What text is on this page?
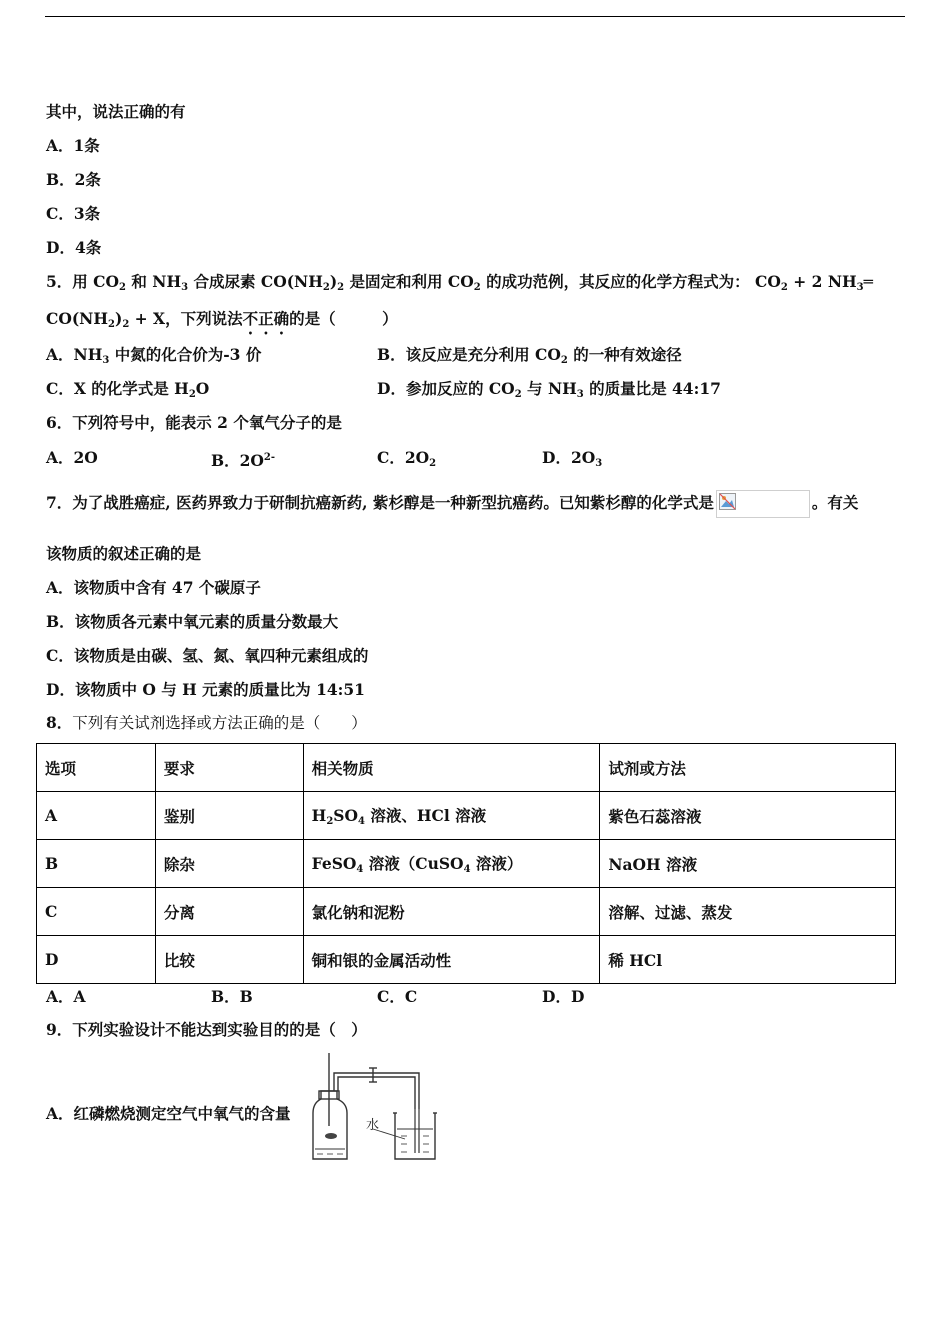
其中，说法正确的有
A．1条
B．2条
C．3条
D．4条
5．用 $CO_2$ 和 $NH_3$ 合成尿素 $CO(NH_2)_2$ 是固定和利用 $CO_2$ 的成功范例，其反应的化学方程式为： $CO_2 + 2$ $NH_3═$
$CO(NH_2)_2 + X$，下列说法不正确的是（　　　）
A．$NH_3$ 中氮的化合价为-3 价	B．该反应是充分利用 $CO_2$ 的一种有效途径
C．X 的化学式是 $H_2O$	D．参加反应的 $CO_2$ 与 $NH_3$ 的质量比是 44:17
6．下列符号中，能表示 2 个氧气分子的是
A．2O	B．$2O^{2-}$	C．$2O_2$	D．$2O_3$
7．为了战胜癌症, 医药界致力于研制抗癌新药, 紫杉醇是一种新型抗癌药。已知紫杉醇的化学式是	。有关
该物质的叙述正确的是
A．该物质中含有 47 个碳原子
B．该物质各元素中氧元素的质量分数最大
C．该物质是由碳、氢、氮、氧四种元素组成的
D．该物质中 O 与 H 元素的质量比为 14:51
8．下列有关试剂选择或方法正确的是（　　）
选项	要求	相关物质	试剂或方法
A	鉴别	$H_2SO_4$ 溶液、HCl 溶液	紫色石蕊溶液
B	除杂	FeSO$_4$ 溶液（CuSO$_4$ 溶液）	NaOH 溶液
C	分离	氯化钠和泥粉	溶解、过滤、蒸发
D	比较	铜和银的金属活动性	稀 HCl
A．A	B．B	C．C	D．D
9．下列实验设计不能达到实验目的的是（　）
A．红磷燃烧测定空气中氧气的含量
水
